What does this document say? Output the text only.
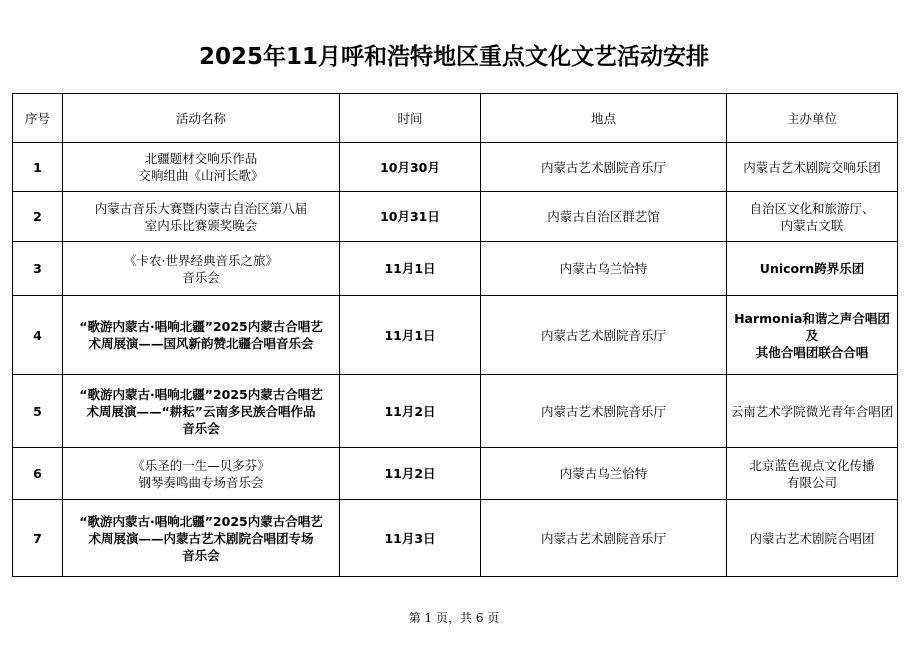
2025年11月呼和浩特地区重点文化文艺活动安排
序号	活动名称	时间	地点	主办单位
1	北疆题材交响乐作品
交响组曲《山河长歌》	10月30月	内蒙古艺术剧院音乐厅	内蒙古艺术剧院交响乐团

2	内蒙古音乐大赛暨内蒙古自治区第八届
室内乐比赛颁奖晚会	10月31日	内蒙古自治区群艺馆	自治区文化和旅游厅、
内蒙古文联

3	《卡农·世界经典音乐之旅》
音乐会	11月1日	内蒙古乌兰恰特	Unicorn跨界乐团

4	“歌游内蒙古·唱响北疆”2025内蒙古合唱艺
术周展演——国风新韵赞北疆合唱音乐会	11月1日	内蒙古艺术剧院音乐厅	Harmonia和谐之声合唱团及
其他合唱团联合合唱

5	“歌游内蒙古·唱响北疆”2025内蒙古合唱艺
术周展演——“耕耘”云南多民族合唱作品
音乐会	11月2日	内蒙古艺术剧院音乐厅	云南艺术学院微光青年合唱团

6	《乐圣的一生—贝多芬》
钢琴奏鸣曲专场音乐会	11月2日	内蒙古乌兰恰特	北京蓝色视点文化传播
有限公司

7	“歌游内蒙古·唱响北疆”2025内蒙古合唱艺
术周展演——内蒙古艺术剧院合唱团专场
音乐会	11月3日	内蒙古艺术剧院音乐厅	内蒙古艺术剧院合唱团
第 1 页，共 6 页
